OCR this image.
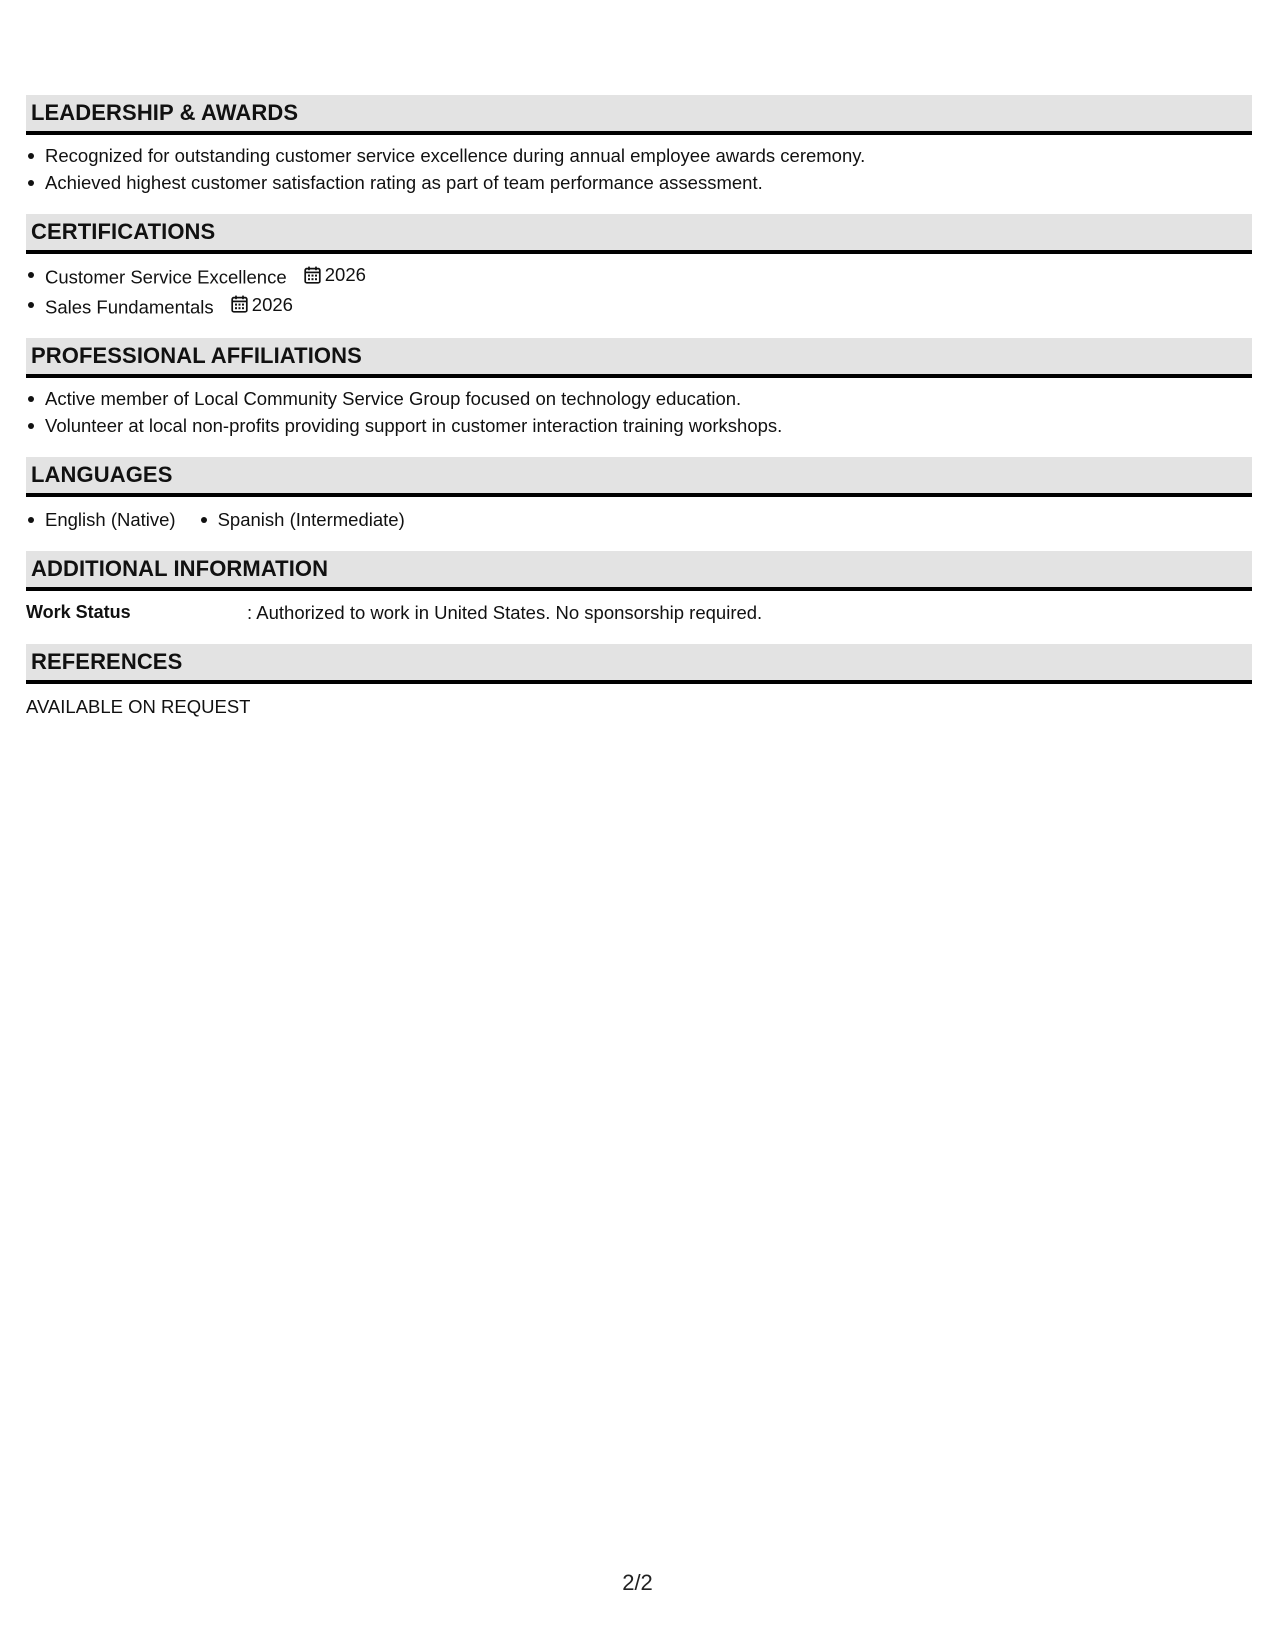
LEADERSHIP & AWARDS
Recognized for outstanding customer service excellence during annual employee awards ceremony.
Achieved highest customer satisfaction rating as part of team performance assessment.
CERTIFICATIONS
Customer Service Excellence 2026
Sales Fundamentals 2026
PROFESSIONAL AFFILIATIONS
Active member of Local Community Service Group focused on technology education.
Volunteer at local non-profits providing support in customer interaction training workshops.
LANGUAGES
English (Native)	Spanish (Intermediate)
ADDITIONAL INFORMATION
Work Status	: Authorized to work in United States. No sponsorship required.
REFERENCES
AVAILABLE ON REQUEST
2/2
